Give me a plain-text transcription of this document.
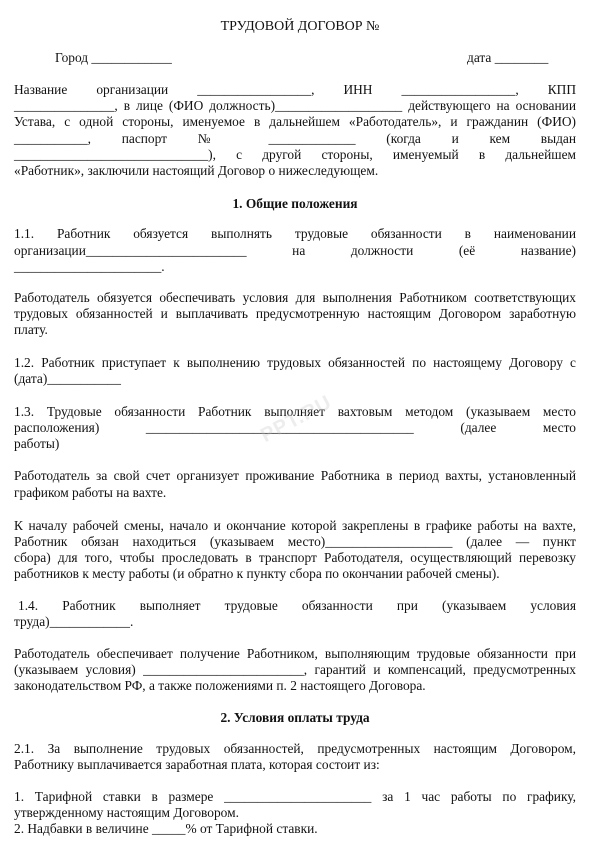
ТРУДОВОЙ ДОГОВОР №
Город ____________	дата ________
Название организации _________________, ИНН _________________, КПП
_______________, в лице (ФИО должность)___________________ действующего на основании
Устава, с одной стороны, именуемое в дальнейшем «Работодатель», и гражданин (ФИО)
___________, паспорт № _____________ (когда и кем выдан
_____________________________), с другой стороны, именуемый в дальнейшем
«Работник», заключили настоящий Договор о нижеследующем.
1. Общие положения
1.1. Работник обязуется выполнять трудовые обязанности в наименовании
организации________________________ на должности (её название)
______________________.
Работодатель обязуется обеспечивать условия для выполнения Работником соответствующих
трудовых обязанностей и выплачивать предусмотренную настоящим Договором заработную
плату.
1.2. Работник приступает к выполнению трудовых обязанностей по настоящему Договору с
(дата)___________
1.3. Трудовые обязанности Работник выполняет вахтовым методом (указываем место
расположения) ________________________________________ (далее место
работы)	PPT.RU
Работодатель за свой счет организует проживание Работника в период вахты, установленный
графиком работы на вахте.
К началу рабочей смены, начало и окончание которой закреплены в графике работы на вахте,
Работник обязан находиться (указываем место)___________________ (далее — пункт
сбора) для того, чтобы проследовать в транспорт Работодателя, осуществляющий перевозку
работников к месту работы (и обратно к пункту сбора по окончании рабочей смены).
1.4. Работник выполняет трудовые обязанности при (указываем условия
труда)____________.
Работодатель обеспечивает получение Работником, выполняющим трудовые обязанности при
(указываем условия) ________________________, гарантий и компенсаций, предусмотренных
законодательством РФ, а также положениями п. 2 настоящего Договора.
2. Условия оплаты труда
2.1. За выполнение трудовых обязанностей, предусмотренных настоящим Договором,
Работнику выплачивается заработная плата, которая состоит из:
1. Тарифной ставки в размере ______________________ за 1 час работы по графику,
утвержденному настоящим Договором.
2. Надбавки в величине _____% от Тарифной ставки.
